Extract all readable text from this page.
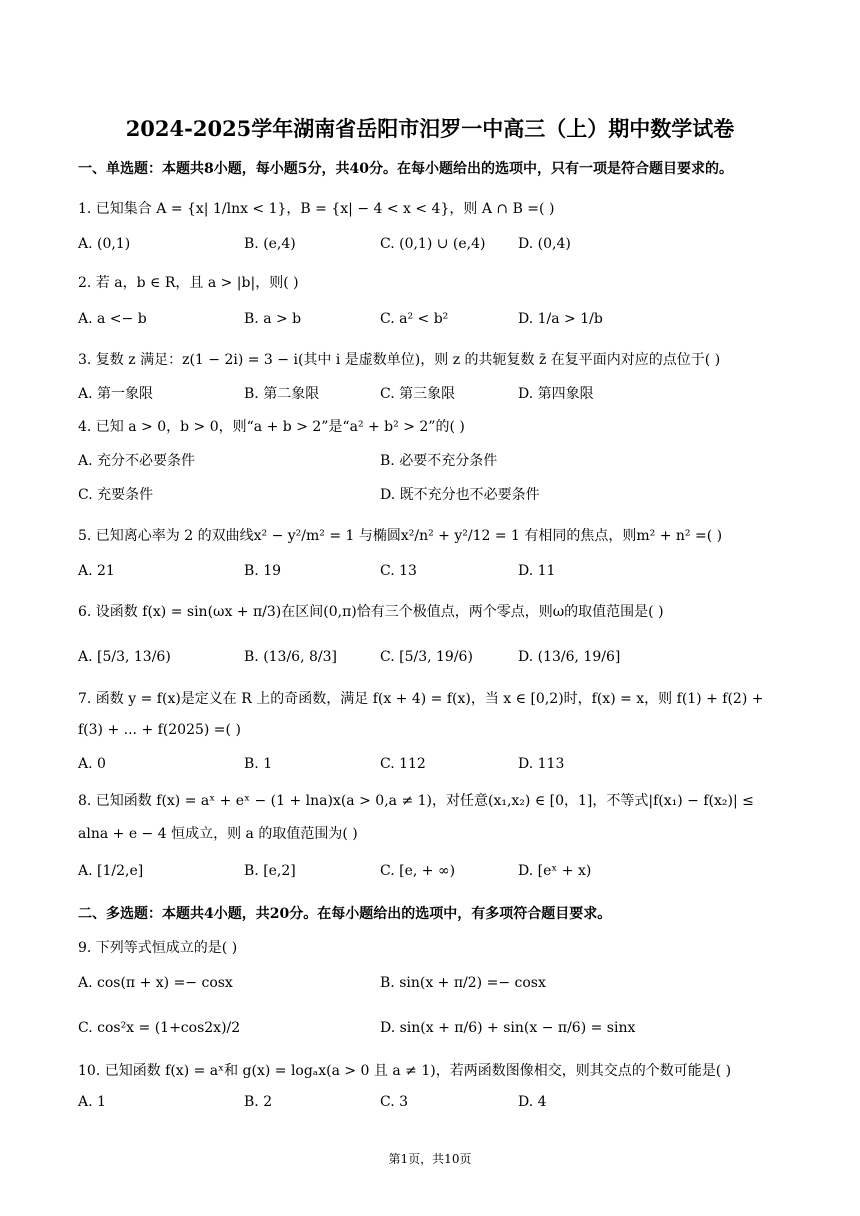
2024-2025学年湖南省岳阳市汨罗一中高三（上）期中数学试卷
一、单选题：本题共8小题，每小题5分，共40分。在每小题给出的选项中，只有一项是符合题目要求的。
1. 已知集合 A = {x| 1/lnx < 1}，B = {x| − 4 < x < 4}，则 A ∩ B =( )
A. (0,1)	B. (e,4)	C. (0,1) ∪ (e,4) D. (0,4)
2. 若 a，b ∈ R，且 a > |b|，则( )
A. a <− b	B. a > b	C. a² < b²	D. 1/a > 1/b
3. 复数 z 满足：z(1 − 2i) = 3 − i(其中 i 是虚数单位)，则 z 的共轭复数 z̄ 在复平面内对应的点位于( )
A. 第一象限	B. 第二象限	C. 第三象限	D. 第四象限
4. 已知 a > 0，b > 0，则“a + b > 2”是“a² + b² > 2”的( )
A. 充分不必要条件	B. 必要不充分条件
C. 充要条件	D. 既不充分也不必要条件
5. 已知离心率为 2 的双曲线x² − y²/m² = 1 与椭圆x²/n² + y²/12 = 1 有相同的焦点，则m² + n² =( )
A. 21	B. 19	C. 13	D. 11
6. 设函数 f(x) = sin(ωx + π/3)在区间(0,π)恰有三个极值点，两个零点，则ω的取值范围是( )
A. [5/3, 13/6)	B. (13/6, 8/3]	C. [5/3, 19/6)	D. (13/6, 19/6]
7. 函数 y = f(x)是定义在 R 上的奇函数，满足 f(x + 4) = f(x)，当 x ∈ [0,2)时，f(x) = x，则 f(1) + f(2) +
f(3) + ... + f(2025) =( )
A. 0	B. 1	C. 112	D. 113
8. 已知函数 f(x) = aˣ + eˣ − (1 + lna)x(a > 0,a ≠ 1)，对任意(x₁,x₂) ∈ [0，1]，不等式|f(x₁) − f(x₂)| ≤
alna + e − 4 恒成立，则 a 的取值范围为( )
A. [1/2,e]	B. [e,2]	C. [e, + ∞)	D. [eˣ + x)
二、多选题：本题共4小题，共20分。在每小题给出的选项中，有多项符合题目要求。
9. 下列等式恒成立的是( )
A. cos(π + x) =− cosx	B. sin(x + π/2) =− cosx
C. cos²x = (1+cos2x)/2	D. sin(x + π/6) + sin(x − π/6) = sinx
10. 已知函数 f(x) = aˣ和 g(x) = logₐx(a > 0 且 a ≠ 1)，若两函数图像相交，则其交点的个数可能是( )
A. 1	B. 2	C. 3	D. 4
第1页，共10页
